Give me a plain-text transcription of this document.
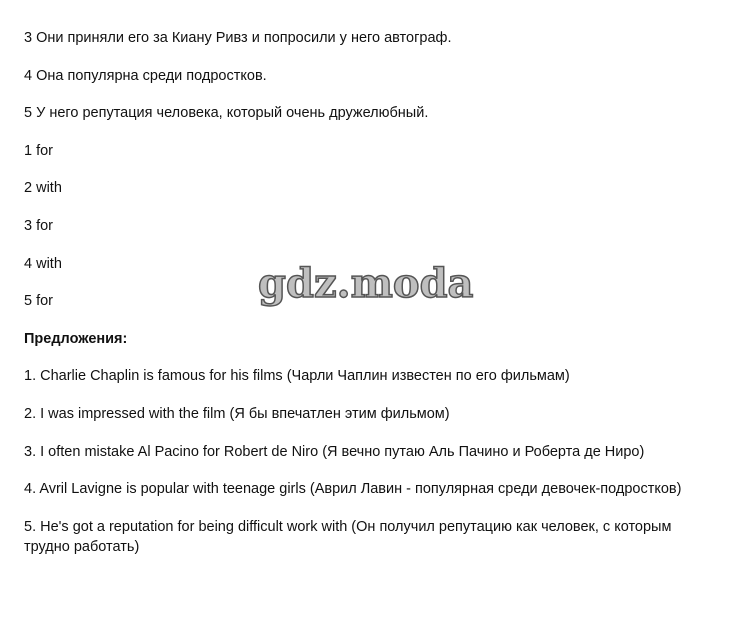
3 Они приняли его за Киану Ривз и попросили у него автограф.

4 Она популярна среди подростков.

5 У него репутация человека, который очень дружелюбный.

1 for

2 with

3 for

4 with

5 for

Предложения:

1. Charlie Chaplin is famous for his films (Чарли Чаплин известен по его фильмам)

2. I was impressed with the film (Я бы впечатлен этим фильмом)

3. I often mistake Al Pacino for Robert de Niro (Я вечно путаю Аль Пачино и Роберта де Ниро)

4. Avril Lavigne is popular with teenage girls (Аврил Лавин - популярная среди девочек-подростков)

5. He's got a reputation for being difficult work with (Он получил репутацию как человек, с которым трудно работать)

gdz.moda
